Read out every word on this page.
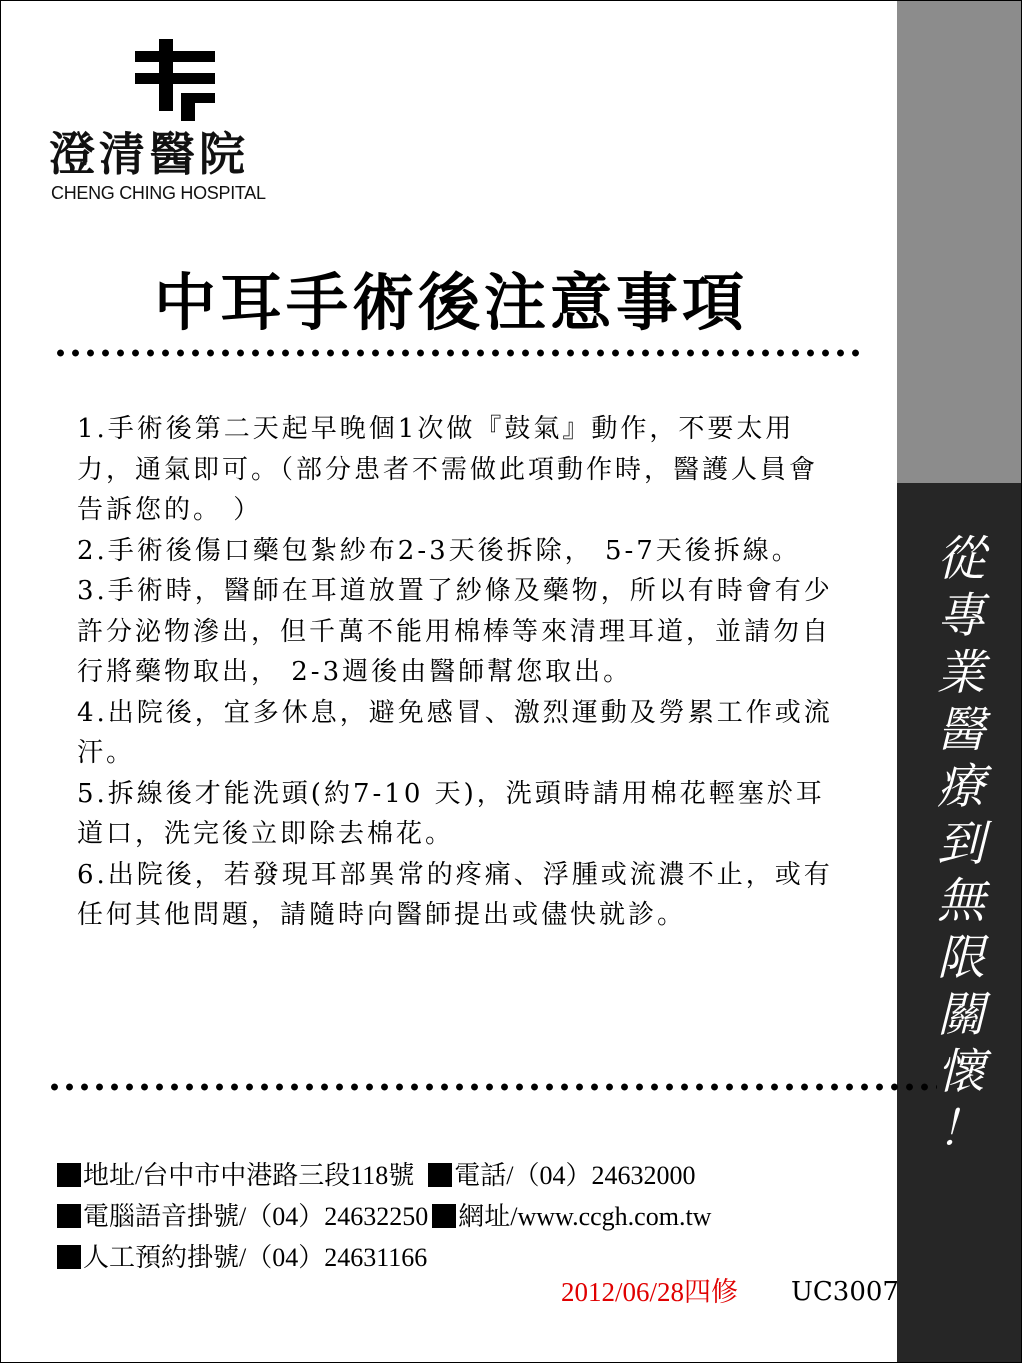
從
專
業
醫
療
到
無
限
關
懷
！
澄清醫院
CHENG CHING HOSPITAL
中耳手術後注意事項

1.手術後第二天起早晚個1次做『鼓氣』動作，不要太用力，通氣即可。（部分患者不需做此項動作時，醫護人員會告訴您的。 ）

2.手術後傷口藥包紮紗布2-3天後拆除， 5-7天後拆線。

3.手術時，醫師在耳道放置了紗條及藥物，所以有時會有少許分泌物滲出，但千萬不能用棉棒等來清理耳道，並請勿自行將藥物取出， 2-3週後由醫師幫您取出。

4.出院後，宜多休息，避免感冒、激烈運動及勞累工作或流汗。

5.拆線後才能洗頭(約7-10 天)，洗頭時請用棉花輕塞於耳道口，洗完後立即除去棉花。

6.出院後，若發現耳部異常的疼痛、浮腫或流濃不止，或有任何其他問題，請隨時向醫師提出或儘快就診。

地址/台中市中港路三段118號 電話/（04）24632000
電腦語音掛號/（04）24632250 網址/www.ccgh.com.tw
人工預約掛號/（04）24631166
2012/06/28四修 UC3007
